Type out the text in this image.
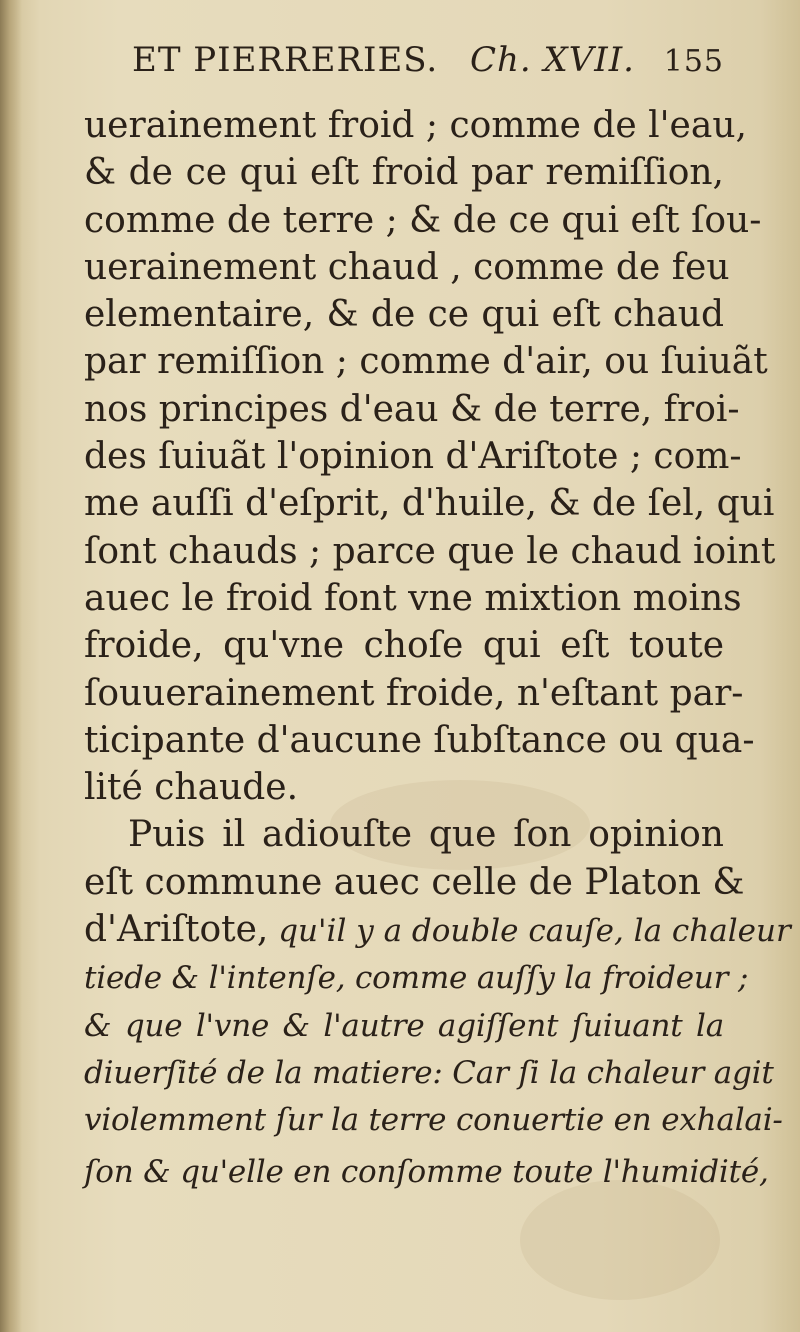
ET PIERRERIES. Ch. XVII. 155
uerainement froid ; comme de l'eau,
& de ce qui eſt froid par remiſſion,
comme de terre ; & de ce qui eſt ſou-
uerainement chaud , comme de feu
elementaire, & de ce qui eſt chaud
par remiſſion ; comme d'air, ou ſuiuãt
nos principes d'eau & de terre, froi-
des ſuiuãt l'opinion d'Ariſtote ; com-
me auſſi d'eſprit, d'huile, & de ſel, qui
ſont chauds ; parce que le chaud ioint
auec le froid font vne mixtion moins
froide, qu'vne choſe qui eſt toute
ſouuerainement froide, n'eſtant par-
ticipante d'aucune ſubſtance ou qua-
lité chaude.
Puis il adiouſte que ſon opinion
eſt commune auec celle de Platon &
d'Ariſtote, qu'il y a double cauſe, la chaleur
tiede & l'intenſe, comme auſſy la froideur ;
& que l'vne & l'autre agiſſent ſuiuant la
diuerſité de la matiere: Car ſi la chaleur agit
violemment ſur la terre conuertie en exhalai-
ſon & qu'elle en conſomme toute l'humidité,
